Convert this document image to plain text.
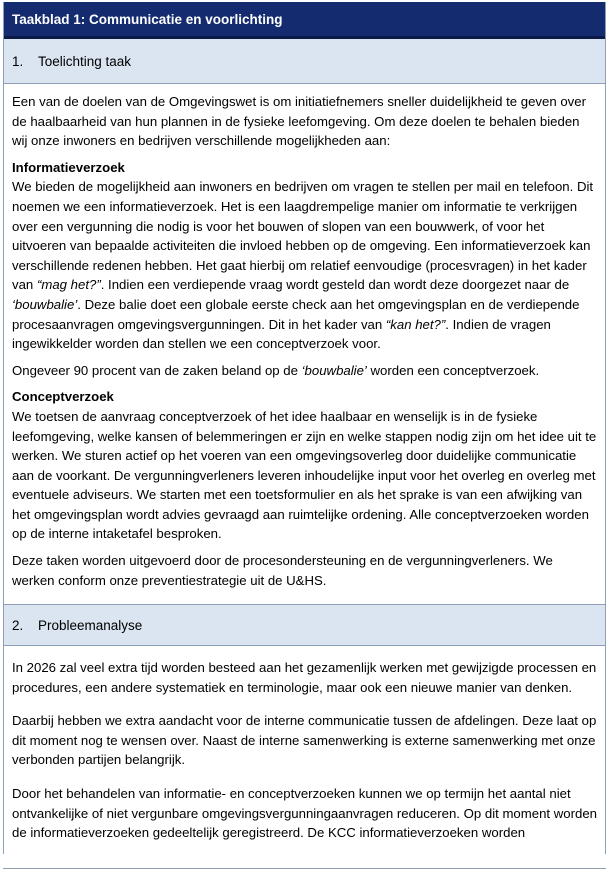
Taakblad 1: Communicatie en voorlichting
1.	Toelichting taak

Een van de doelen van de Omgevingswet is om initiatiefnemers sneller duidelijkheid te geven over de haalbaarheid van hun plannen in de fysieke leefomgeving. Om deze doelen te behalen bieden wij onze inwoners en bedrijven verschillende mogelijkheden aan:

Informatieverzoek

We bieden de mogelijkheid aan inwoners en bedrijven om vragen te stellen per mail en telefoon. Dit noemen we een informatieverzoek. Het is een laagdrempelige manier om informatie te verkrijgen over een vergunning die nodig is voor het bouwen of slopen van een bouwwerk, of voor het uitvoeren van bepaalde activiteiten die invloed hebben op de omgeving. Een informatieverzoek kan verschillende redenen hebben. Het gaat hierbij om relatief eenvoudige (procesvragen) in het kader van “mag het?”. Indien een verdiepende vraag wordt gesteld dan wordt deze doorgezet naar de ‘bouwbalie’. Deze balie doet een globale eerste check aan het omgevingsplan en de verdiepende procesaanvragen omgevingsvergunningen. Dit in het kader van “kan het?”. Indien de vragen ingewikkelder worden dan stellen we een conceptverzoek voor.

Ongeveer 90 procent van de zaken beland op de ‘bouwbalie’ worden een conceptverzoek.

Conceptverzoek

We toetsen de aanvraag conceptverzoek of het idee haalbaar en wenselijk is in de fysieke leefomgeving, welke kansen of belemmeringen er zijn en welke stappen nodig zijn om het idee uit te werken. We sturen actief op het voeren van een omgevingsoverleg door duidelijke communicatie aan de voorkant. De vergunningverleners leveren inhoudelijke input voor het overleg en overleg met eventuele adviseurs. We starten met een toetsformulier en als het sprake is van een afwijking van het omgevingsplan wordt advies gevraagd aan ruimtelijke ordening. Alle conceptverzoeken worden op de interne intaketafel besproken.

Deze taken worden uitgevoerd door de procesondersteuning en de vergunningverleners. We werken conform onze preventiestrategie uit de U&HS.

2.	Probleemanalyse

In 2026 zal veel extra tijd worden besteed aan het gezamenlijk werken met gewijzigde processen en procedures, een andere systematiek en terminologie, maar ook een nieuwe manier van denken.

Daarbij hebben we extra aandacht voor de interne communicatie tussen de afdelingen. Deze laat op dit moment nog te wensen over. Naast de interne samenwerking is externe samenwerking met onze verbonden partijen belangrijk.

Door het behandelen van informatie- en conceptverzoeken kunnen we op termijn het aantal niet ontvankelijke of niet vergunbare omgevingsvergunningaanvragen reduceren. Op dit moment worden de informatieverzoeken gedeeltelijk geregistreerd. De KCC informatieverzoeken worden
